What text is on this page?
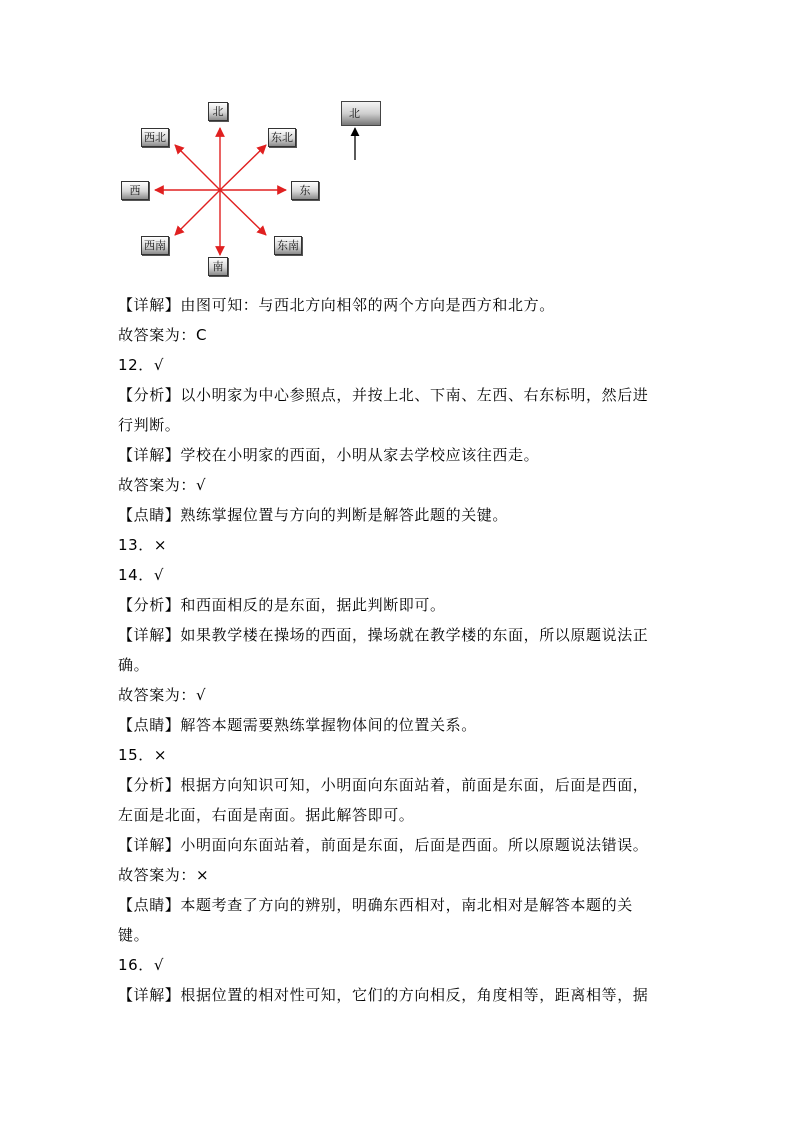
北
东北
东
东南
南
西南
西
西北
北
【详解】由图可知：与西北方向相邻的两个方向是西方和北方。
故答案为：C
12．√
【分析】以小明家为中心参照点，并按上北、下南、左西、右东标明，然后进
行判断。
【详解】学校在小明家的西面，小明从家去学校应该往西走。
故答案为：√
【点睛】熟练掌握位置与方向的判断是解答此题的关键。
13．×
14．√
【分析】和西面相反的是东面，据此判断即可。
【详解】如果教学楼在操场的西面，操场就在教学楼的东面，所以原题说法正
确。
故答案为：√
【点睛】解答本题需要熟练掌握物体间的位置关系。
15．×
【分析】根据方向知识可知，小明面向东面站着，前面是东面，后面是西面，
左面是北面，右面是南面。据此解答即可。
【详解】小明面向东面站着，前面是东面，后面是西面。所以原题说法错误。
故答案为：×
【点睛】本题考查了方向的辨别，明确东西相对，南北相对是解答本题的关
键。
16．√
【详解】根据位置的相对性可知，它们的方向相反，角度相等，距离相等，据
